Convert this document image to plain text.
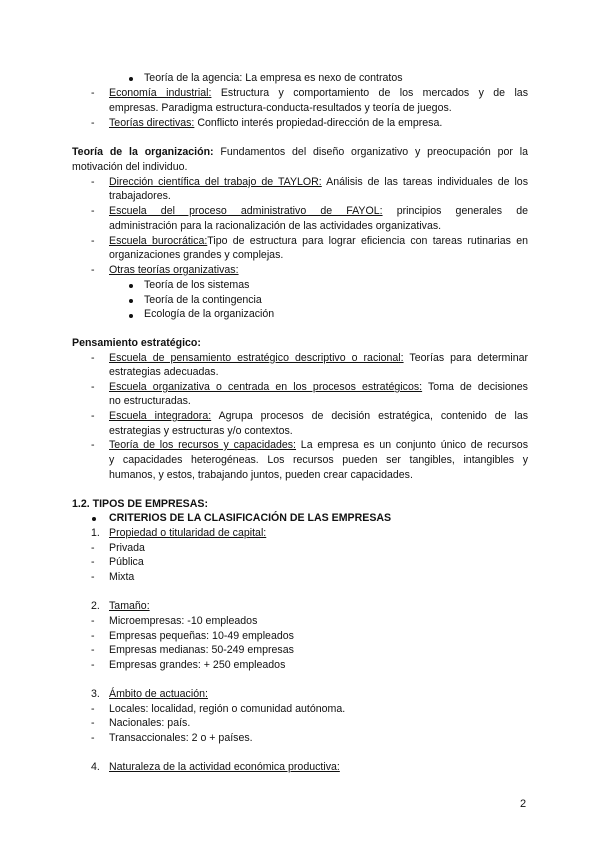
Teoría de la agencia: La empresa es nexo de contratos
- Economía industrial: Estructura y comportamiento de los mercados y de las
empresas. Paradigma estructura-conducta-resultados y teoría de juegos.
- Teorías directivas: Conflicto interés propiedad-dirección de la empresa.
Teoría de la organización: Fundamentos del diseño organizativo y preocupación por la
motivación del individuo.
- Dirección científica del trabajo de TAYLOR: Análisis de las tareas individuales de los
trabajadores.
- Escuela del proceso administrativo de FAYOL: principios generales de
administración para la racionalización de las actividades organizativas.
- Escuela burocrática:Tipo de estructura para lograr eficiencia con tareas rutinarias en
organizaciones grandes y complejas.
- Otras teorías organizativas:
Teoría de los sistemas
Teoría de la contingencia
Ecología de la organización
Pensamiento estratégico:
- Escuela de pensamiento estratégico descriptivo o racional: Teorías para determinar
estrategias adecuadas.
- Escuela organizativa o centrada en los procesos estratégicos: Toma de decisiones
no estructuradas.
- Escuela integradora: Agrupa procesos de decisión estratégica, contenido de las
estrategias y estructuras y/o contextos.
- Teoría de los recursos y capacidades: La empresa es un conjunto único de recursos
y capacidades heterogéneas. Los recursos pueden ser tangibles, intangibles y
humanos, y estos, trabajando juntos, pueden crear capacidades.
1.2. TIPOS DE EMPRESAS:
CRITERIOS DE LA CLASIFICACIÓN DE LAS EMPRESAS
1. Propiedad o titularidad de capital:
- Privada
- Pública
- Mixta
2. Tamaño:
- Microempresas: -10 empleados
- Empresas pequeñas: 10-49 empleados
- Empresas medianas: 50-249 empresas
- Empresas grandes: + 250 empleados
3. Ámbito de actuación:
- Locales: localidad, región o comunidad autónoma.
- Nacionales: país.
- Transaccionales: 2 o + países.
4. Naturaleza de la actividad económica productiva:
2
